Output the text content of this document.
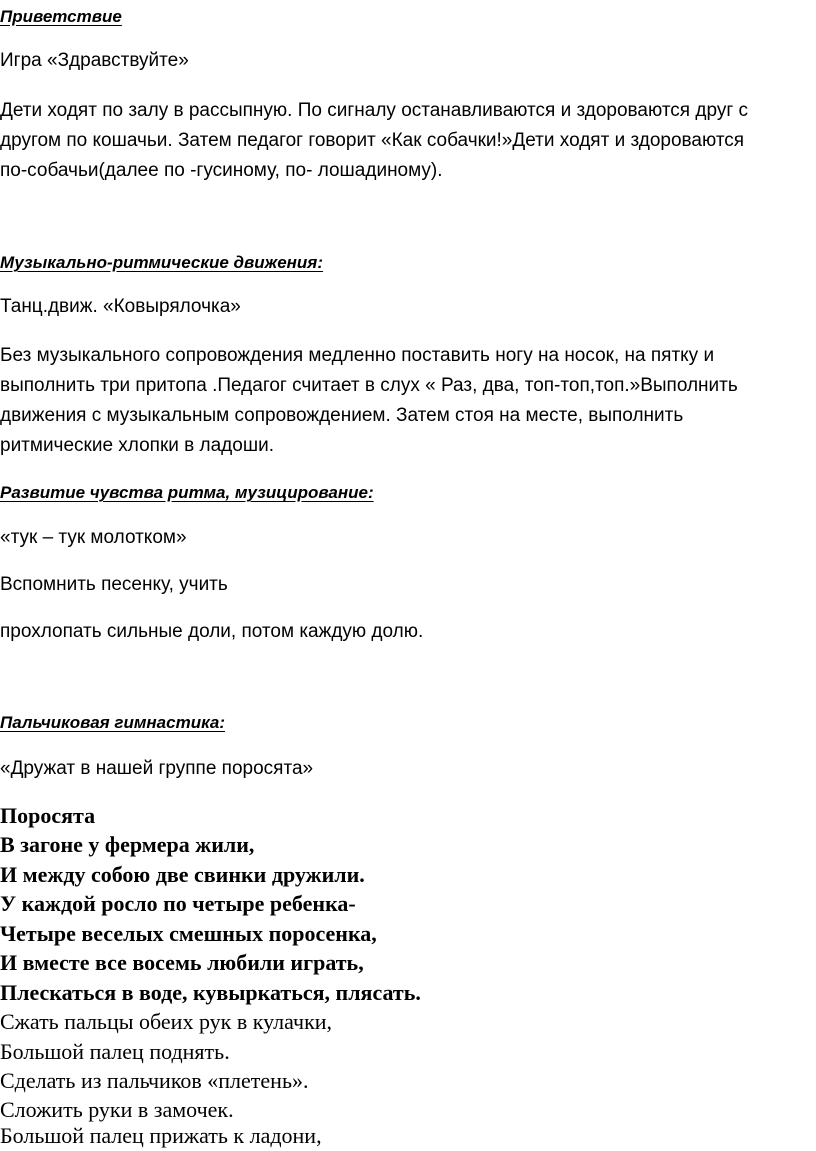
Приветствие

Игра «Здравствуйте»

Дети ходят по залу в рассыпную. По сигналу останавливаются и здороваются друг с

другом по кошачьи. Затем педагог говорит «Как собачки!»Дети ходят и здороваются

по-собачьи(далее по -гусиному, по- лошадиному).

Музыкально-ритмические движения:

Танц.движ. «Ковырялочка»

Без музыкального сопровождения медленно поставить ногу на носок, на пятку и

выполнить три притопа .Педагог считает в слух « Раз, два, топ-топ,топ.»Выполнить

движения с музыкальным сопровождением. Затем стоя на месте, выполнить

ритмические хлопки в ладоши.

Развитие чувства ритма, музицирование:

«тук – тук молотком»

Вспомнить песенку, учить

прохлопать сильные доли, потом каждую долю.

Пальчиковая гимнастика:

«Дружат в нашей группе поросята»

Поросята

В загоне у фермера жили,

И между собою две свинки дружили.

У каждой росло по четыре ребенка-

Четыре веселых смешных поросенка,

И вместе все восемь любили играть,

Плескаться в воде, кувыркаться, плясать.

Сжать пальцы обеих рук в кулачки,

Большой палец поднять.

Сделать из пальчиков «плетень».

Сложить руки в замочек.

Большой палец прижать к ладони,
